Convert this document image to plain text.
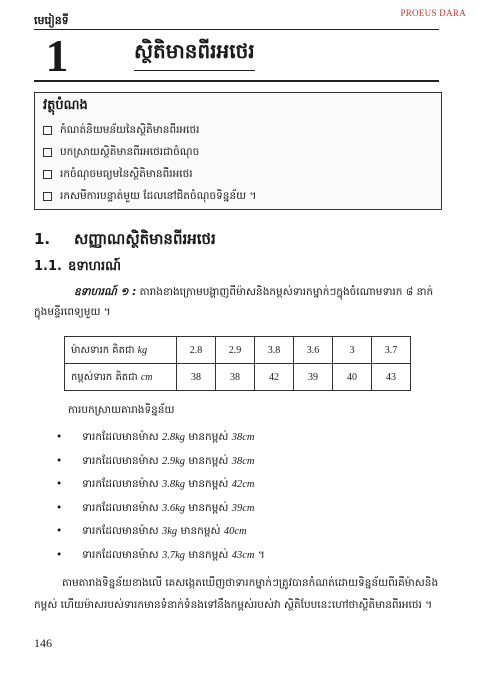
PROEUS DARA
មេរៀនទី
1	ស្ថិតិមានពីរអថេរ
វត្ថុបំណង
កំណត់និយមន័យនៃស្ថិតិមានពីរអថេរ
បកស្រាយស្ថិតិមានពីរអថេរជាចំណុច
រកចំណុចមធ្យមនៃស្ថិតិមានពីរអថេរ
រកសមីការបន្ទាត់មួយ ដែលនៅជិតចំណុចទិន្នន័យ ។
1. សញ្ញាណស្ថិតិមានពីរអថេរ
1.1. ឧទាហរណ៍
ឧទាហរណ៍ ១ : តារាងខាងក្រោមបង្ហាញពីម៉ាសនិងកម្ពស់ទារកម្នាក់ៗក្នុងចំណោមទារក ៨ នាក់ ក្នុងមន្ទីរពេទ្យមួយ ។
ម៉ាសទារក គិតជា kg	2.8	2.9	3.8	3.6	3	3.7
កម្ពស់ទារក គិតជា cm	38	38	42	39	40	43
ការបកស្រាយតារាងទិន្នន័យ
• ទារកដែលមានម៉ាស 2.8kg មានកម្ពស់ 38cm
• ទារកដែលមានម៉ាស 2.9kg មានកម្ពស់ 38cm
• ទារកដែលមានម៉ាស 3.8kg មានកម្ពស់ 42cm
• ទារកដែលមានម៉ាស 3.6kg មានកម្ពស់ 39cm
• ទារកដែលមានម៉ាស 3kg មានកម្ពស់ 40cm
• ទារកដែលមានម៉ាស 3.7kg មានកម្ពស់ 43cm ។

តាមតារាងទិន្នន័យខាងលើ គេសង្កេតឃើញថាទារកម្នាក់ៗត្រូវបានកំណត់ដោយទិន្នន័យពីរគឺម៉ាសនិង

កម្ពស់ ហើយម៉ាសរបស់ទារកមានទំនាក់ទំនងទៅនឹងកម្ពស់របស់វា ស្ថិតិបែបនេះហៅថាស្ថិតិមានពីរអថេរ ។

146
